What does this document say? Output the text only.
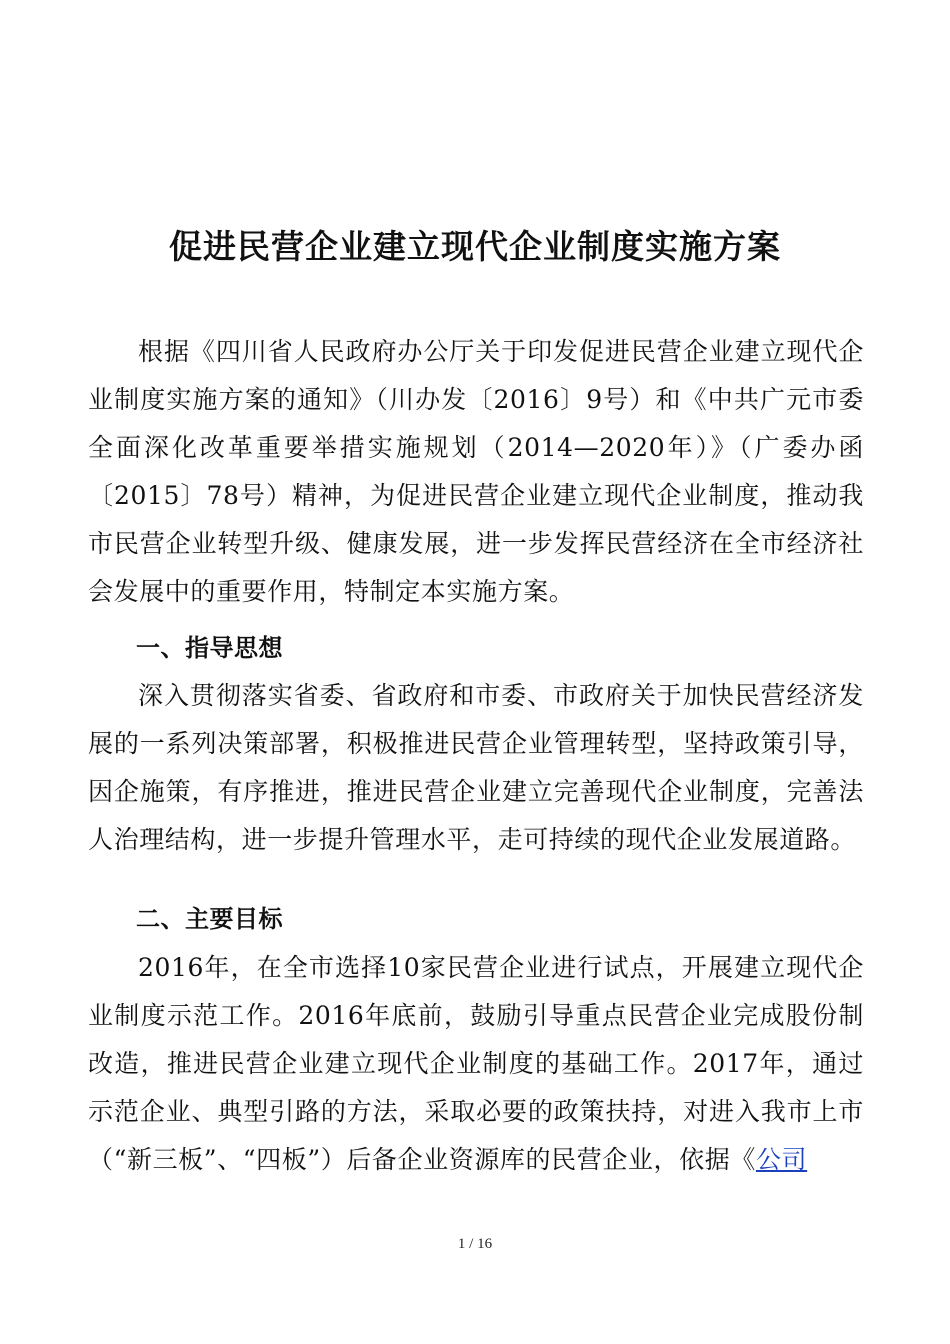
促进民营企业建立现代企业制度实施方案

根据《四川省人民政府办公厅关于印发促进民营企业建立现代企业制度实施方案的通知》（川办发〔2016〕9号）和《中共广元市委全面深化改革重要举措实施规划（2014—2020年）》（广委办函〔2015〕78号）精神，为促进民营企业建立现代企业制度，推动我市民营企业转型升级、健康发展，进一步发挥民营经济在全市经济社会发展中的重要作用，特制定本实施方案。

一、指导思想

深入贯彻落实省委、省政府和市委、市政府关于加快民营经济发展的一系列决策部署，积极推进民营企业管理转型，坚持政策引导，因企施策，有序推进，推进民营企业建立完善现代企业制度，完善法人治理结构，进一步提升管理水平，走可持续的现代企业发展道路。

二、主要目标

2016年，在全市选择10家民营企业进行试点，开展建立现代企业制度示范工作。2016年底前，鼓励引导重点民营企业完成股份制改造，推进民营企业建立现代企业制度的基础工作。2017年，通过示范企业、典型引路的方法，采取必要的政策扶持，对进入我市上市（“新三板”、“四板”）后备企业资源库的民营企业，依据《公司

1 / 16
